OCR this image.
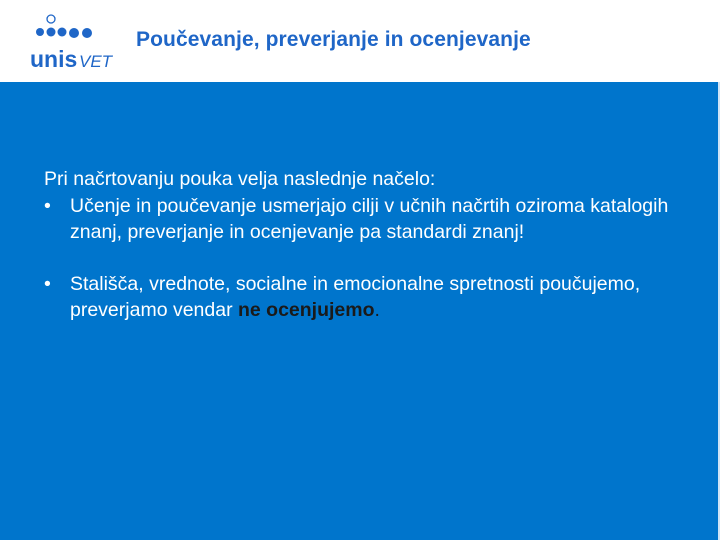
unis VET
Poučevanje, preverjanje in ocenjevanje

Pri načrtovanju pouka velja naslednje načelo:

• Učenje in poučevanje usmerjajo cilji v učnih načrtih oziroma katalogih znanj, preverjanje in ocenjevanje pa standardi znanj!

• Stališča, vrednote, socialne in emocionalne spretnosti poučujemo, preverjamo vendar ne ocenjujemo.
